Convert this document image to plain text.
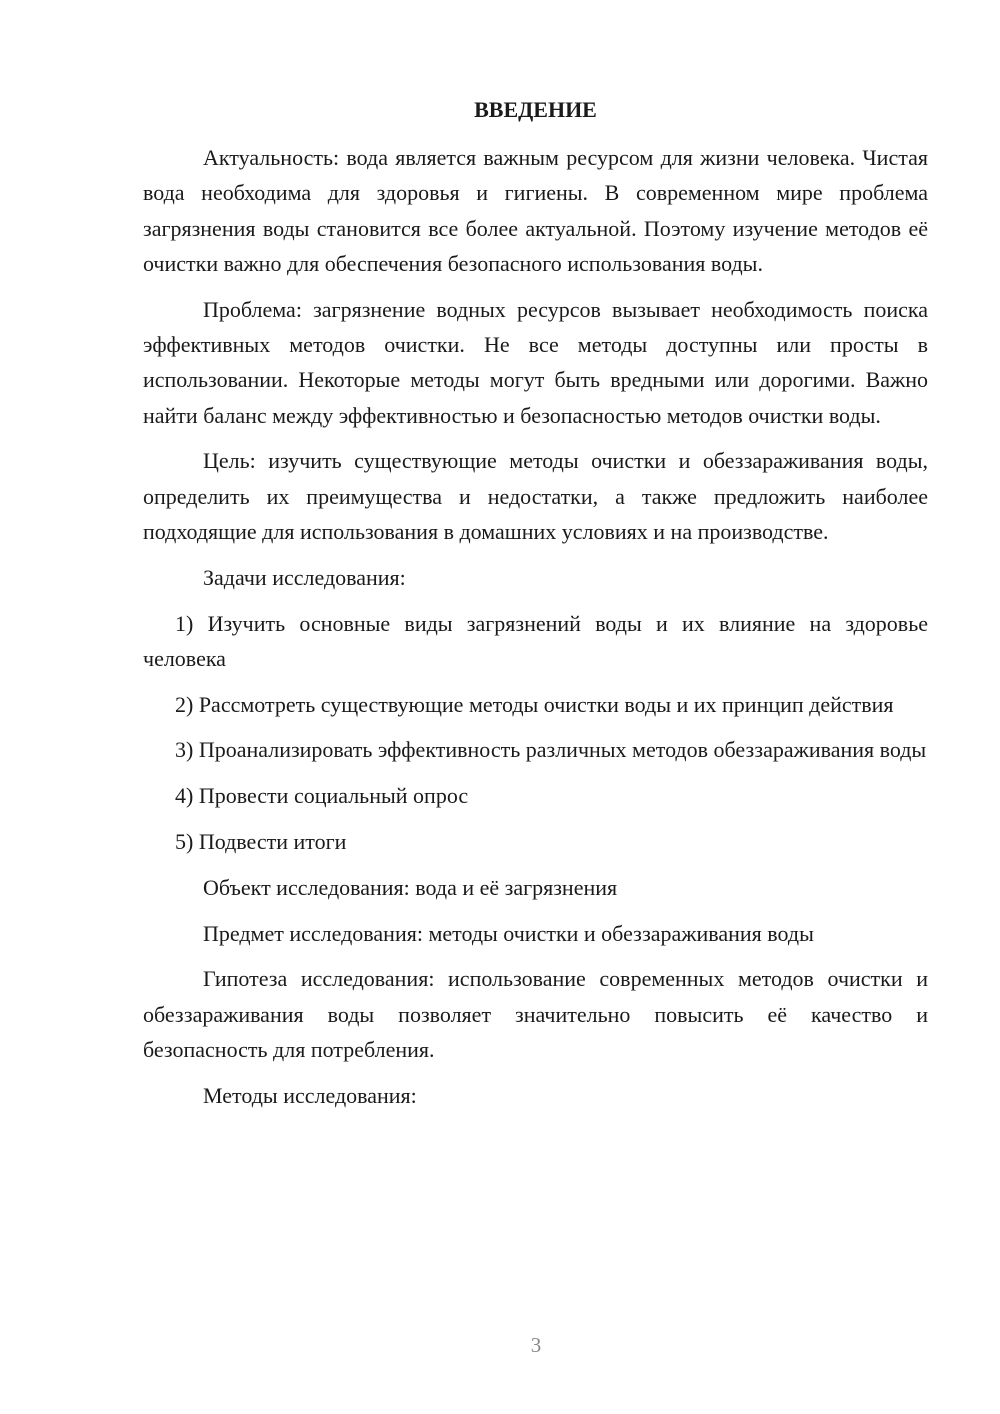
ВВЕДЕНИЕ

Актуальность: вода является важным ресурсом для жизни человека. Чистая вода необходима для здоровья и гигиены. В современном мире проблема загрязнения воды становится все более актуальной. Поэтому изучение методов её очистки важно для обеспечения безопасного использования воды.

Проблема: загрязнение водных ресурсов вызывает необходимость поиска эффективных методов очистки. Не все методы доступны или просты в использовании. Некоторые методы могут быть вредными или дорогими. Важно найти баланс между эффективностью и безопасностью методов очистки воды.

Цель: изучить существующие методы очистки и обеззараживания воды, определить их преимущества и недостатки, а также предложить наиболее подходящие для использования в домашних условиях и на производстве.

Задачи исследования:

1) Изучить основные виды загрязнений воды и их влияние на здоровье человека

2) Рассмотреть существующие методы очистки воды и их принцип действия

3) Проанализировать эффективность различных методов обеззараживания воды

4) Провести социальный опрос

5) Подвести итоги

Объект исследования: вода и её загрязнения

Предмет исследования: методы очистки и обеззараживания воды

Гипотеза исследования: использование современных методов очистки и обеззараживания воды позволяет значительно повысить её качество и безопасность для потребления.

Методы исследования:

3
